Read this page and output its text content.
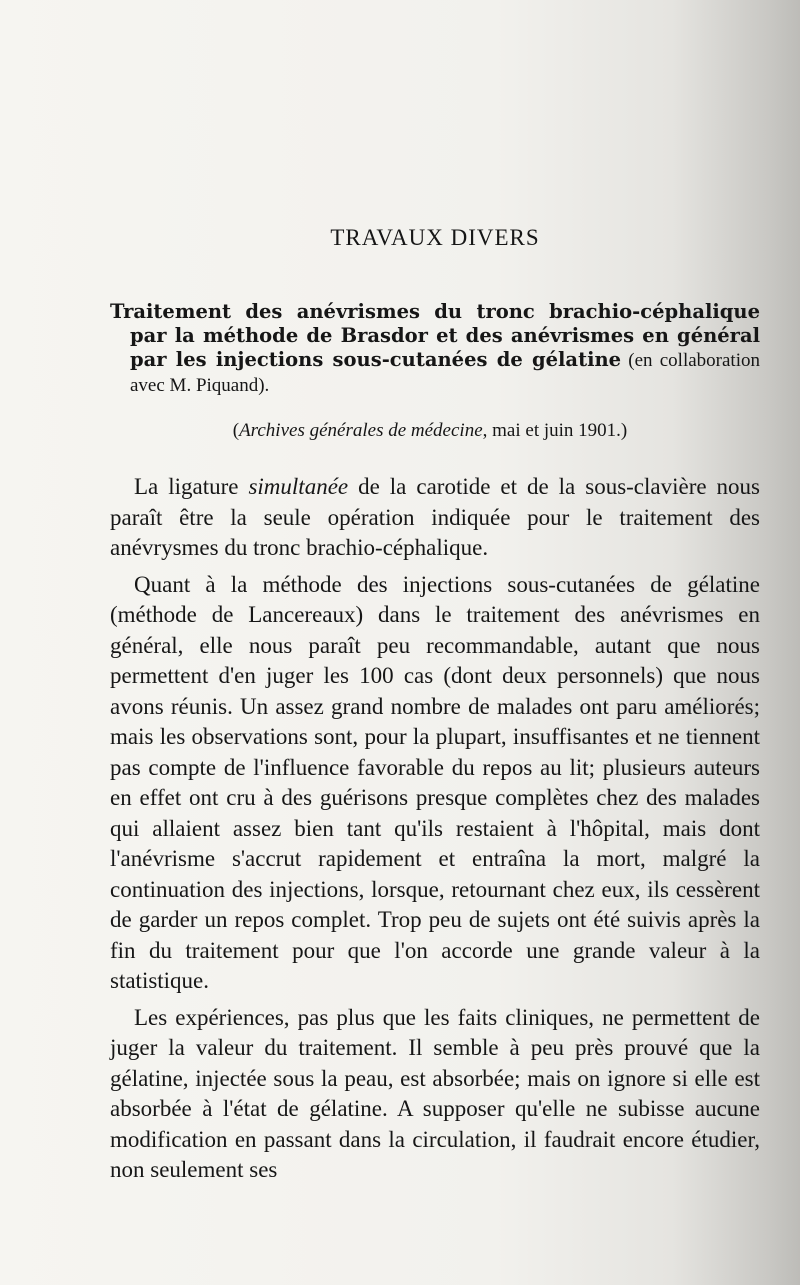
TRAVAUX DIVERS
Traitement des anévrismes du tronc brachio-céphalique par la méthode de Brasdor et des anévrismes en général par les injections sous-cutanées de gélatine (en collaboration avec M. Piquand).

(Archives générales de médecine, mai et juin 1901.)

La ligature simultanée de la carotide et de la sous-clavière nous paraît être la seule opération indiquée pour le traitement des anévrysmes du tronc brachio-céphalique.

Quant à la méthode des injections sous-cutanées de gélatine (méthode de Lancereaux) dans le traitement des anévrismes en général, elle nous paraît peu recommandable, autant que nous permettent d'en juger les 100 cas (dont deux personnels) que nous avons réunis. Un assez grand nombre de malades ont paru améliorés; mais les observations sont, pour la plupart, insuffisantes et ne tiennent pas compte de l'influence favorable du repos au lit; plusieurs auteurs en effet ont cru à des guérisons presque complètes chez des malades qui allaient assez bien tant qu'ils restaient à l'hôpital, mais dont l'anévrisme s'accrut rapidement et entraîna la mort, malgré la continuation des injections, lorsque, retournant chez eux, ils cessèrent de garder un repos complet. Trop peu de sujets ont été suivis après la fin du traitement pour que l'on accorde une grande valeur à la statistique.

Les expériences, pas plus que les faits cliniques, ne permettent de juger la valeur du traitement. Il semble à peu près prouvé que la gélatine, injectée sous la peau, est absorbée; mais on ignore si elle est absorbée à l'état de gélatine. A supposer qu'elle ne subisse aucune modification en passant dans la circulation, il faudrait encore étudier, non seulement ses
